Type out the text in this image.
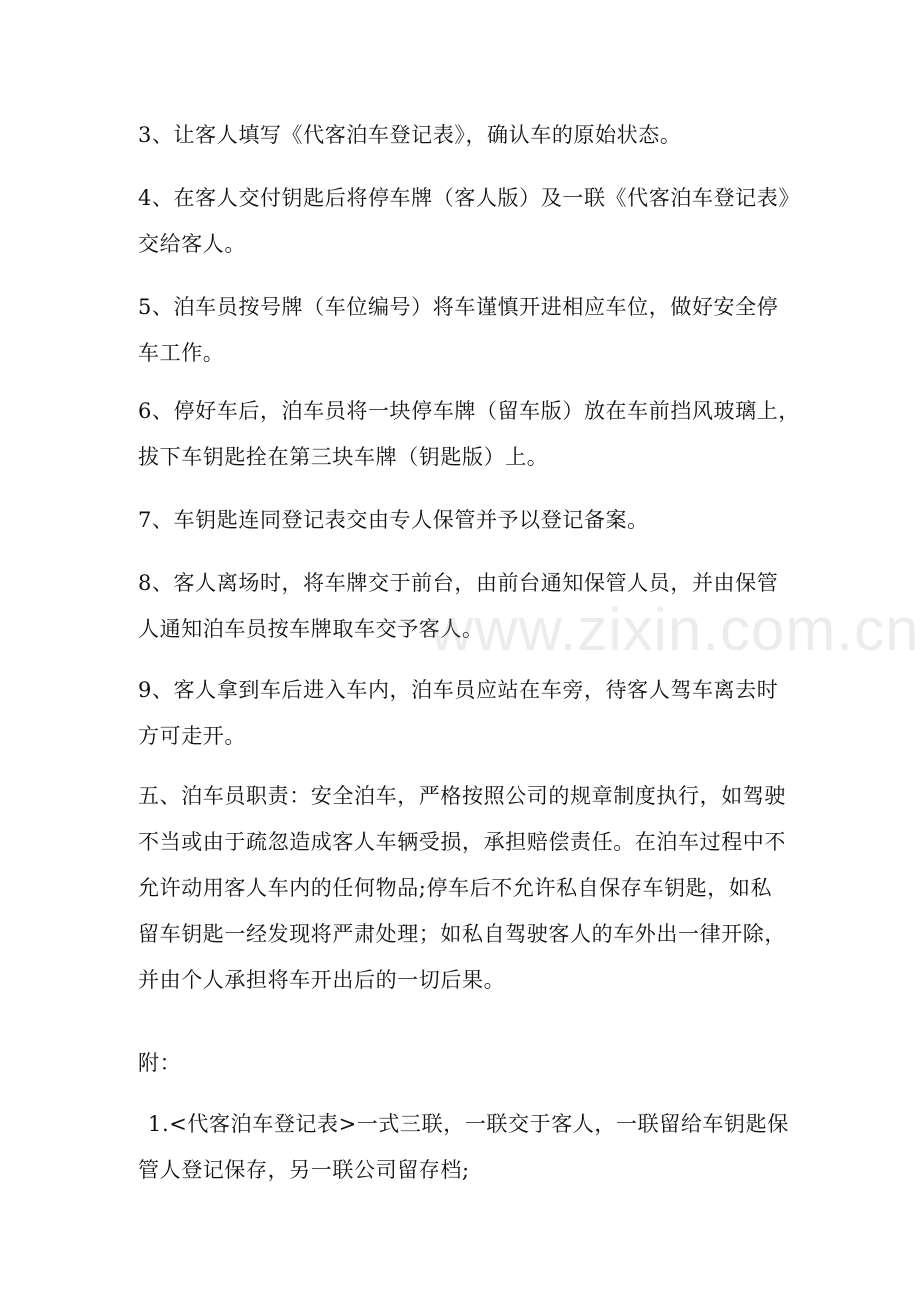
3、让客人填写《代客泊车登记表》，确认车的原始状态。

4、在客人交付钥匙后将停车牌（客人版）及一联《代客泊车登记表》
交给客人。

5、泊车员按号牌（车位编号）将车谨慎开进相应车位，做好安全停
车工作。

6、停好车后，泊车员将一块停车牌（留车版）放在车前挡风玻璃上，
拔下车钥匙拴在第三块车牌（钥匙版）上。

7、车钥匙连同登记表交由专人保管并予以登记备案。

8、客人离场时，将车牌交于前台，由前台通知保管人员，并由保管
人通知泊车员按车牌取车交予客人。

9、客人拿到车后进入车内，泊车员应站在车旁，待客人驾车离去时
方可走开。

五、泊车员职责：安全泊车，严格按照公司的规章制度执行，如驾驶
不当或由于疏忽造成客人车辆受损，承担赔偿责任。在泊车过程中不
允许动用客人车内的任何物品;停车后不允许私自保存车钥匙，如私
留车钥匙一经发现将严肃处理；如私自驾驶客人的车外出一律开除，
并由个人承担将车开出后的一切后果。

附：

1.<代客泊车登记表>一式三联，一联交于客人，一联留给车钥匙保
管人登记保存，另一联公司留存档;

www.zixin.com.cn
